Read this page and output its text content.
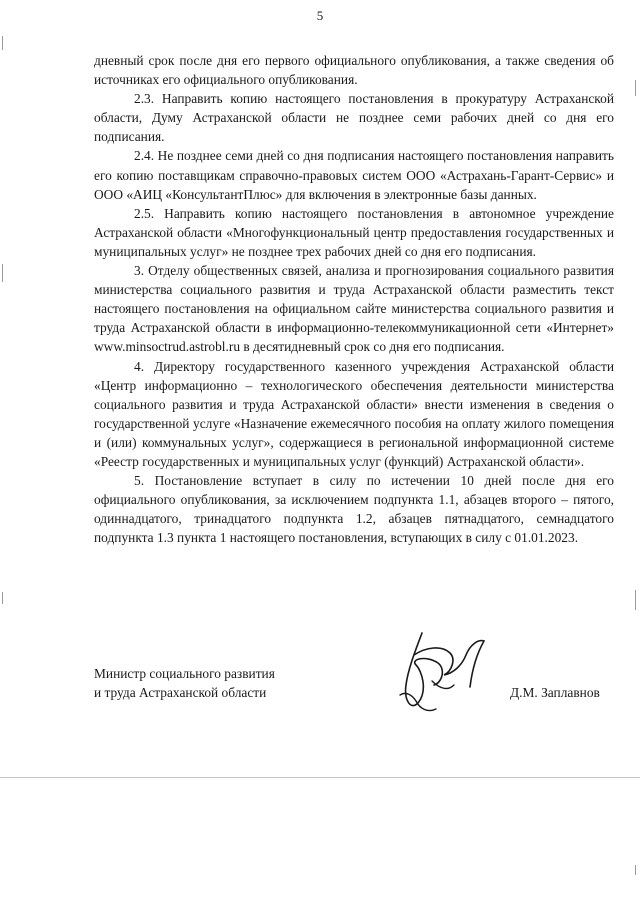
5

дневный срок после дня его первого официального опубликования, а также сведения об источниках его официального опубликования.

2.3. Направить копию настоящего постановления в прокуратуру Астраханской области, Думу Астраханской области не позднее семи рабочих дней со дня его подписания.

2.4. Не позднее семи дней со дня подписания настоящего постановления направить его копию поставщикам справочно-правовых систем ООО «Астрахань-Гарант-Сервис» и ООО «АИЦ «КонсультантПлюс» для включения в электронные базы данных.

2.5. Направить копию настоящего постановления в автономное учреждение Астраханской области «Многофункциональный центр предоставления государственных и муниципальных услуг» не позднее трех рабочих дней со дня его подписания.

3. Отделу общественных связей, анализа и прогнозирования социального развития министерства социального развития и труда Астраханской области разместить текст настоящего постановления на официальном сайте министерства социального развития и труда Астраханской области в информационно-телекоммуникационной сети «Интернет» www.minsoctrud.astrobl.ru в десятидневный срок со дня его подписания.

4. Директору государственного казенного учреждения Астраханской области «Центр информационно – технологического обеспечения деятельности министерства социального развития и труда Астраханской области» внести изменения в сведения о государственной услуге «Назначение ежемесячного пособия на оплату жилого помещения и (или) коммунальных услуг», содержащиеся в региональной информационной системе «Реестр государственных и муниципальных услуг (функций) Астраханской области».

5. Постановление вступает в силу по истечении 10 дней после дня его официального опубликования, за исключением подпункта 1.1, абзацев второго – пятого, одиннадцатого, тринадцатого подпункта 1.2, абзацев пятнадцатого, семнадцатого подпункта 1.3 пункта 1 настоящего постановления, вступающих в силу с 01.01.2023.

Министр социального развития
и труда Астраханской области	Д.М. Заплавнов
